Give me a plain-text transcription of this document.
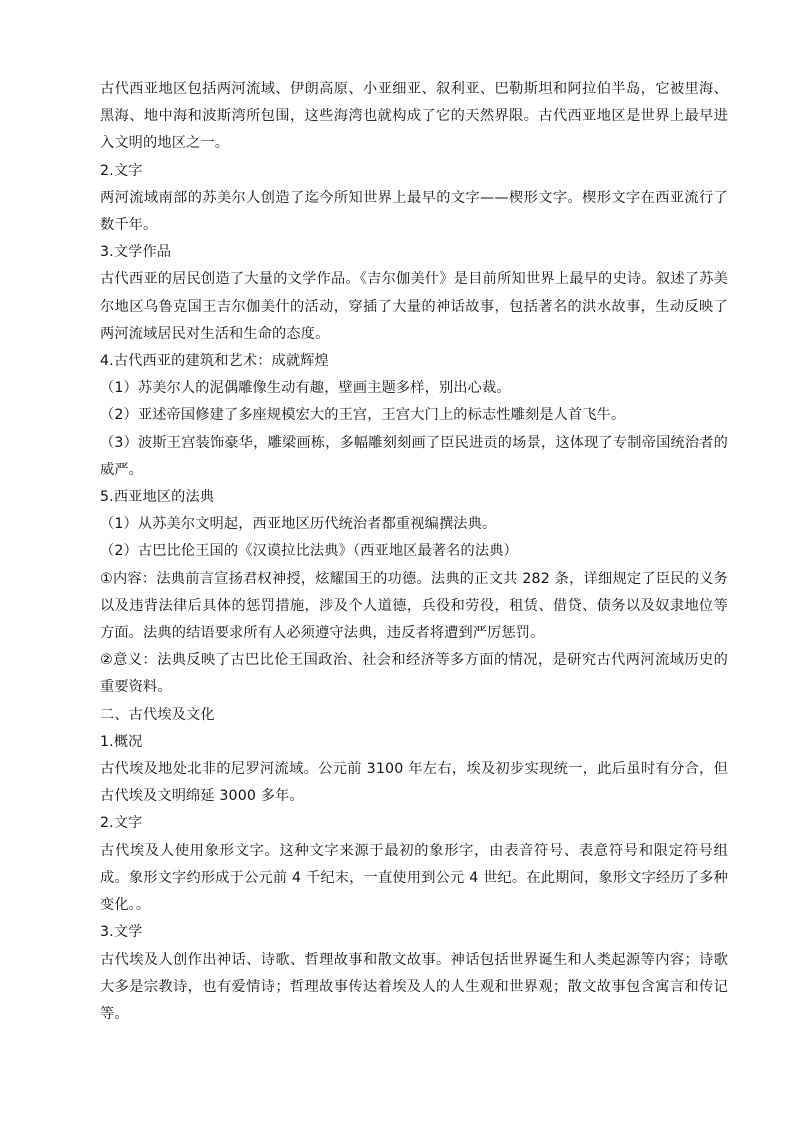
古代西亚地区包括两河流域、伊朗高原、小亚细亚、叙利亚、巴勒斯坦和阿拉伯半岛，它被里海、黑海、地中海和波斯湾所包围，这些海湾也就构成了它的天然界限。古代西亚地区是世界上最早进入文明的地区之一。

2.文字

两河流域南部的苏美尔人创造了迄今所知世界上最早的文字——楔形文字。楔形文字在西亚流行了数千年。

3.文学作品

古代西亚的居民创造了大量的文学作品。《吉尔伽美什》是目前所知世界上最早的史诗。叙述了苏美尔地区乌鲁克国王吉尔伽美什的活动，穿插了大量的神话故事，包括著名的洪水故事，生动反映了两河流域居民对生活和生命的态度。

4.古代西亚的建筑和艺术：成就辉煌

（1）苏美尔人的泥偶雕像生动有趣，壁画主题多样，别出心裁。

（2）亚述帝国修建了多座规模宏大的王宫，王宫大门上的标志性雕刻是人首飞牛。

（3）波斯王宫装饰豪华，雕梁画栋，多幅雕刻刻画了臣民进贡的场景，这体现了专制帝国统治者的威严。

5.西亚地区的法典

（1）从苏美尔文明起，西亚地区历代统治者都重视编撰法典。

（2）古巴比伦王国的《汉谟拉比法典》（西亚地区最著名的法典）

①内容：法典前言宣扬君权神授，炫耀国王的功德。法典的正文共 282 条，详细规定了臣民的义务以及违背法律后具体的惩罚措施，涉及个人道德，兵役和劳役，租赁、借贷、债务以及奴隶地位等方面。法典的结语要求所有人必须遵守法典，违反者将遭到严厉惩罚。

②意义：法典反映了古巴比伦王国政治、社会和经济等多方面的情况，是研究古代两河流域历史的重要资料。

二、古代埃及文化

1.概况

古代埃及地处北非的尼罗河流域。公元前 3100 年左右，埃及初步实现统一，此后虽时有分合，但古代埃及文明绵延 3000 多年。

2.文字

古代埃及人使用象形文字。这种文字来源于最初的象形字，由表音符号、表意符号和限定符号组成。象形文字约形成于公元前 4 千纪末，一直使用到公元 4 世纪。在此期间，象形文字经历了多种变化。。

3.文学

古代埃及人创作出神话、诗歌、哲理故事和散文故事。神话包括世界诞生和人类起源等内容；诗歌大多是宗教诗，也有爱情诗；哲理故事传达着埃及人的人生观和世界观；散文故事包含寓言和传记等。
